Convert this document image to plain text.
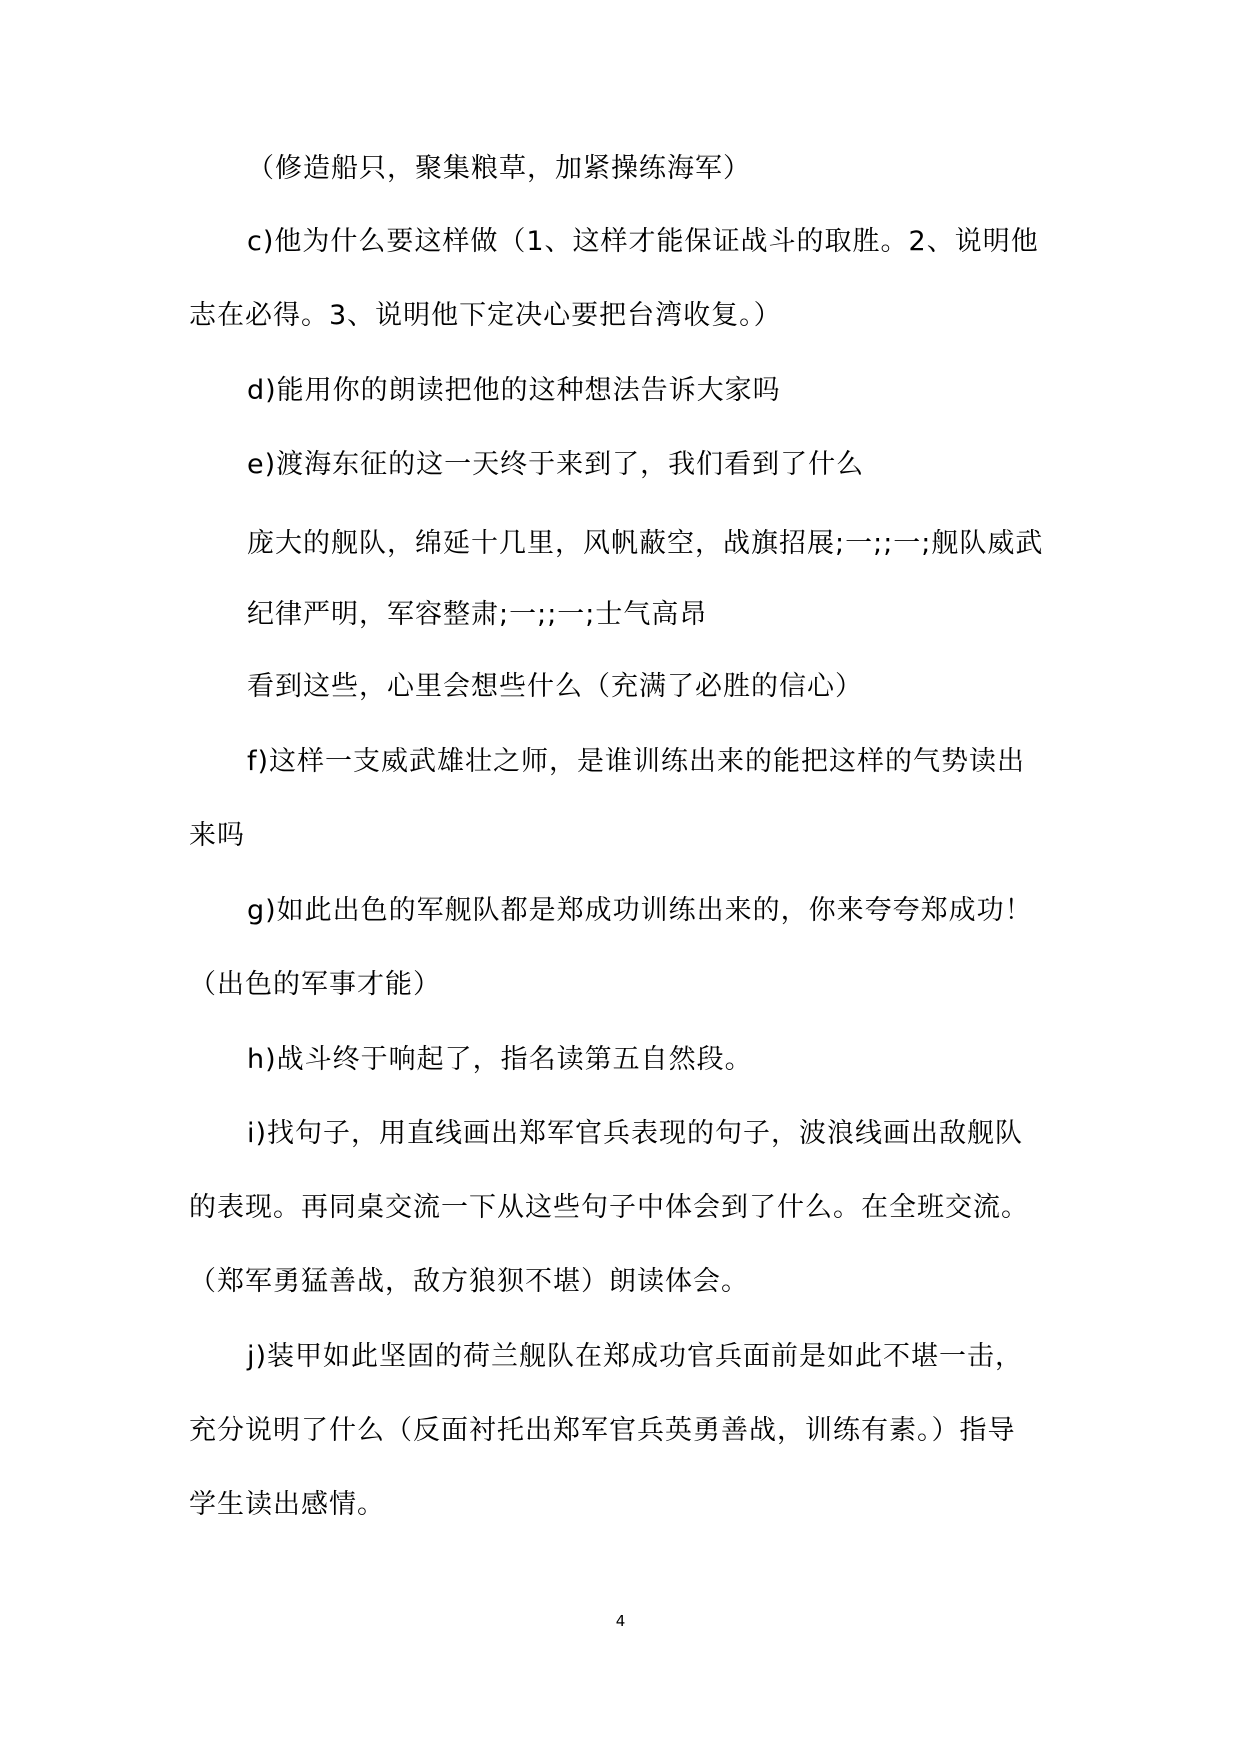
（修造船只，聚集粮草，加紧操练海军）
c)他为什么要这样做（1、这样才能保证战斗的取胜。2、说明他
志在必得。3、说明他下定决心要把台湾收复。）
d)能用你的朗读把他的这种想法告诉大家吗
e)渡海东征的这一天终于来到了，我们看到了什么
庞大的舰队，绵延十几里，风帆蔽空，战旗招展;一;;一;舰队威武
纪律严明，军容整肃;一;;一;士气高昂
看到这些，心里会想些什么（充满了必胜的信心）
f)这样一支威武雄壮之师，是谁训练出来的能把这样的气势读出
来吗
g)如此出色的军舰队都是郑成功训练出来的，你来夸夸郑成功！
（出色的军事才能）
h)战斗终于响起了，指名读第五自然段。
i)找句子，用直线画出郑军官兵表现的句子，波浪线画出敌舰队
的表现。再同桌交流一下从这些句子中体会到了什么。在全班交流。
（郑军勇猛善战，敌方狼狈不堪）朗读体会。
j)装甲如此坚固的荷兰舰队在郑成功官兵面前是如此不堪一击，
充分说明了什么（反面衬托出郑军官兵英勇善战，训练有素。）指导
学生读出感情。
4
